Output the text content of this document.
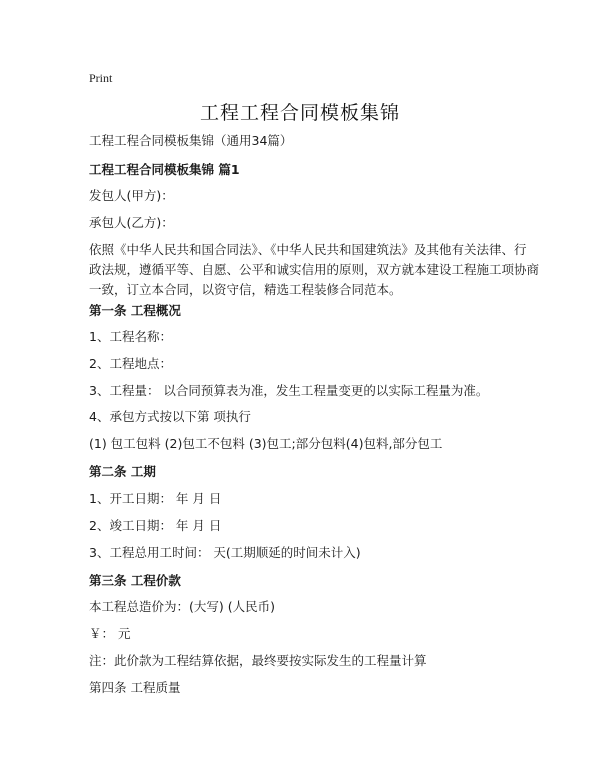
Print
工程工程合同模板集锦
工程工程合同模板集锦（通用34篇）
工程工程合同模板集锦 篇1
发包人(甲方)：
承包人(乙方)：
依照《中华人民共和国合同法》、《中华人民共和国建筑法》及其他有关法律、行
政法规，遵循平等、自愿、公平和诚实信用的原则，双方就本建设工程施工项协商
一致，订立本合同，以资守信，精选工程装修合同范本。
第一条 工程概况
1、工程名称：
2、工程地点：
3、工程量： 以合同预算表为准，发生工程量变更的以实际工程量为准。
4、承包方式按以下第 项执行
(1) 包工包料 (2)包工不包料 (3)包工;部分包料(4)包料,部分包工
第二条 工期
1、开工日期： 年 月 日
2、竣工日期： 年 月 日
3、工程总用工时间： 天(工期顺延的时间未计入)
第三条 工程价款
本工程总造价为：(大写) (人民币)
￥： 元
注：此价款为工程结算依据，最终要按实际发生的工程量计算
第四条 工程质量
